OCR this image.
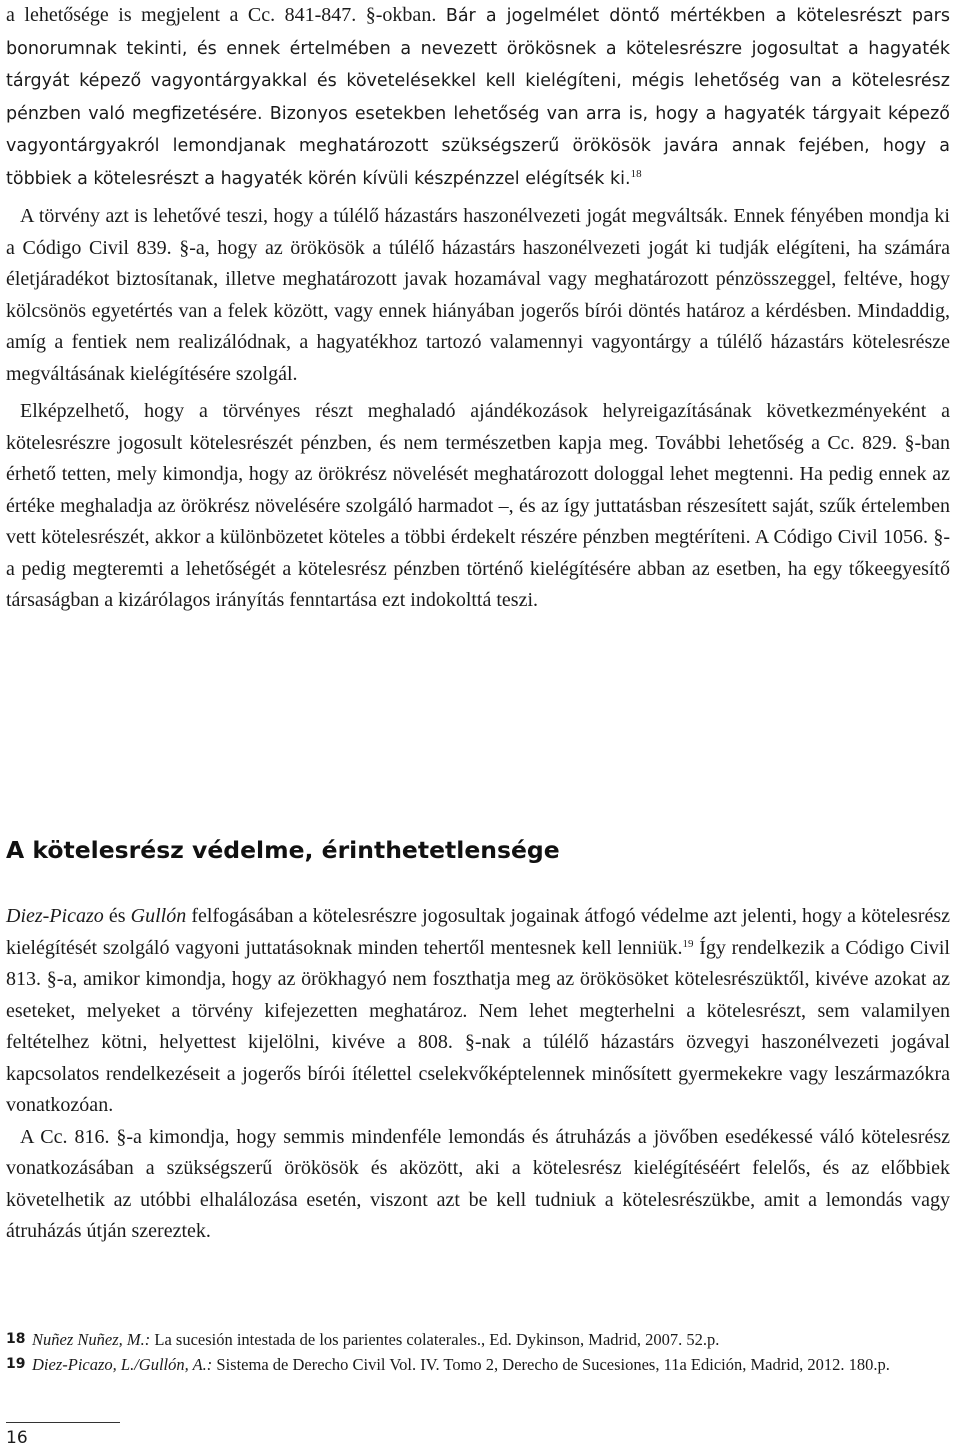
a lehetősége is megjelent a Cc. 841-847. §-okban. Bár a jogelmélet döntő mértékben a kötelesrészt pars bonorumnak tekinti, és ennek értelmében a nevezett örökösnek a kötelesrészre jogosultat a hagyaték tárgyát képező vagyontárgyakkal és követelésekkel kell kielégíteni, mégis lehetőség van a kötelesrész pénzben való megfizetésére. Bizonyos esetekben lehetőség van arra is, hogy a hagyaték tárgyait képező vagyontárgyakról lemondjanak meghatározott szükségszerű örökösök javára annak fejében, hogy a többiek a kötelesrészt a hagyaték körén kívüli készpénzzel elégítsék ki.$^{18}$

A törvény azt is lehetővé teszi, hogy a túlélő házastárs haszonélvezeti jogát megváltsák. Ennek fényében mondja ki a Código Civil 839. §-a, hogy az örökösök a túlélő házastárs haszonélvezeti jogát ki tudják elégíteni, ha számára életjáradékot biztosítanak, illetve meghatározott javak hozamával vagy meghatározott pénzösszeggel, feltéve, hogy kölcsönös egyetértés van a felek között, vagy ennek hiányában jogerős bírói döntés határoz a kérdésben. Mindaddig, amíg a fentiek nem realizálódnak, a hagyatékhoz tartozó valamennyi vagyontárgy a túlélő házastárs kötelesrésze megváltásának kielégítésére szolgál.

Elképzelhető, hogy a törvényes részt meghaladó ajándékozások helyreigazításának következményeként a kötelesrészre jogosult kötelesrészét pénzben, és nem természetben kapja meg. További lehetőség a Cc. 829. §-ban érhető tetten, mely kimondja, hogy az örökrész növelését meghatározott dologgal lehet megtenni. Ha pedig ennek az értéke meghaladja az örökrész növelésére szolgáló harmadot –, és az így juttatásban részesített saját, szűk értelemben vett kötelesrészét, akkor a különbözetet köteles a többi érdekelt részére pénzben megtéríteni. A Código Civil 1056. §-a pedig megteremti a lehetőségét a kötelesrész pénzben történő kielégítésére abban az esetben, ha egy tőkeegyesítő társaságban a kizárólagos irányítás fenntartása ezt indokolttá teszi.

A kötelesrész védelme, érinthetetlensége

Diez-Picazo és Gullón felfogásában a kötelesrészre jogosultak jogainak átfogó védelme azt jelenti, hogy a kötelesrész kielégítését szolgáló vagyoni juttatásoknak minden tehertől mentesnek kell lenniük.$^{19}$ Így rendelkezik a Código Civil 813. §-a, amikor kimondja, hogy az örökhagyó nem foszthatja meg az örökösöket kötelesrészüktől, kivéve azokat az eseteket, melyeket a törvény kifejezetten meghatároz. Nem lehet megterhelni a kötelesrészt, sem valamilyen feltételhez kötni, helyettest kijelölni, kivéve a 808. §-nak a túlélő házastárs özvegyi haszonélvezeti jogával kapcsolatos rendelkezéseit a jogerős bírói ítélettel cselekvőképtelennek minősített gyermekekre vagy leszármazókra vonatkozóan.

A Cc. 816. §-a kimondja, hogy semmis mindenféle lemondás és átruházás a jövőben esedékessé váló kötelesrész vonatkozásában a szükségszerű örökösök és aközött, aki a kötelesrész kielégítéséért felelős, és az előbbiek követelhetik az utóbbi elhalálozása esetén, viszont azt be kell tudniuk a kötelesrészükbe, amit a lemondás vagy átruházás útján szereztek.

18 Nuñez Nuñez, M.: La sucesión intestada de los parientes colaterales., Ed. Dykinson, Madrid, 2007. 52.p.
19 Diez-Picazo, L./Gullón, A.: Sistema de Derecho Civil Vol. IV. Tomo 2, Derecho de Sucesiones, 11a Edición, Madrid, 2012. 180.p.
16
